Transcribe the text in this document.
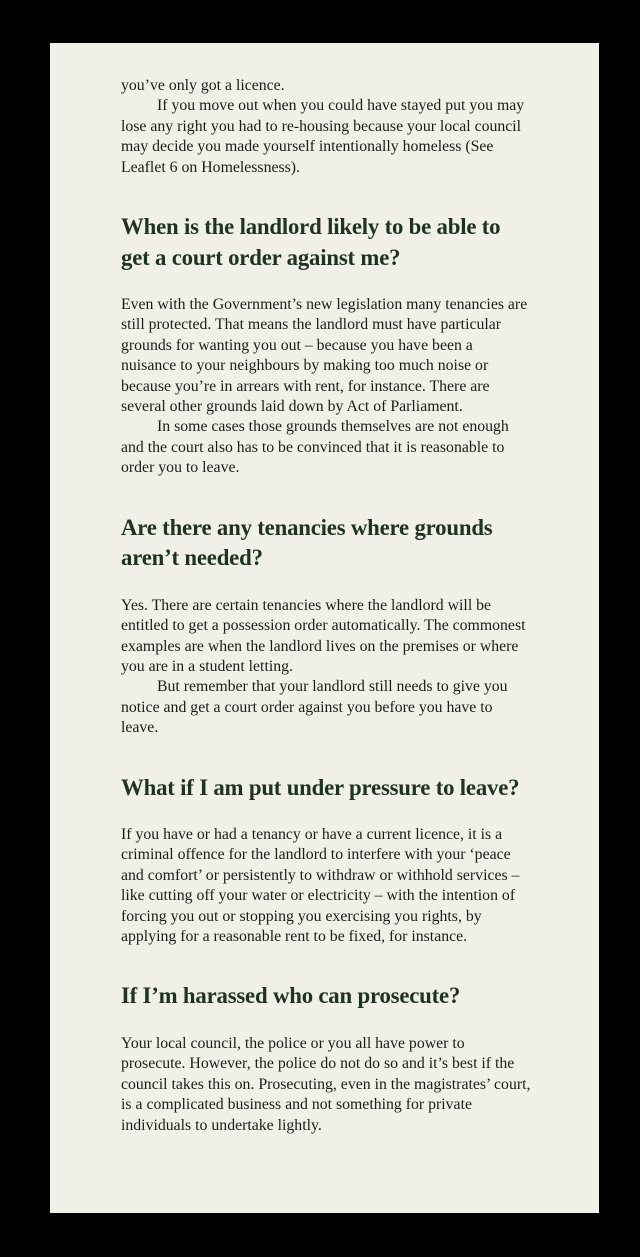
you’ve only got a licence.

If you move out when you could have stayed put you may lose any right you had to re-housing because your local council may decide you made yourself intentionally homeless (See Leaflet 6 on Homelessness).

When is the landlord likely to be able to get a court order against me?

Even with the Government’s new legislation many tenancies are still protected. That means the landlord must have particular grounds for wanting you out – because you have been a nuisance to your neighbours by making too much noise or because you’re in arrears with rent, for instance. There are several other grounds laid down by Act of Parliament.

In some cases those grounds themselves are not enough and the court also has to be convinced that it is reasonable to order you to leave.

Are there any tenancies where grounds aren’t needed?

Yes. There are certain tenancies where the landlord will be entitled to get a possession order automatically. The commonest examples are when the landlord lives on the premises or where you are in a student letting.

But remember that your landlord still needs to give you notice and get a court order against you before you have to leave.

What if I am put under pressure to leave?

If you have or had a tenancy or have a current licence, it is a criminal offence for the landlord to interfere with your ‘peace and comfort’ or persistently to withdraw or withhold services – like cutting off your water or electricity – with the intention of forcing you out or stopping you exercising you rights, by applying for a reasonable rent to be fixed, for instance.

If I’m harassed who can prosecute?

Your local council, the police or you all have power to prosecute. However, the police do not do so and it’s best if the council takes this on. Prosecuting, even in the magistrates’ court, is a complicated business and not something for private individuals to undertake lightly.
